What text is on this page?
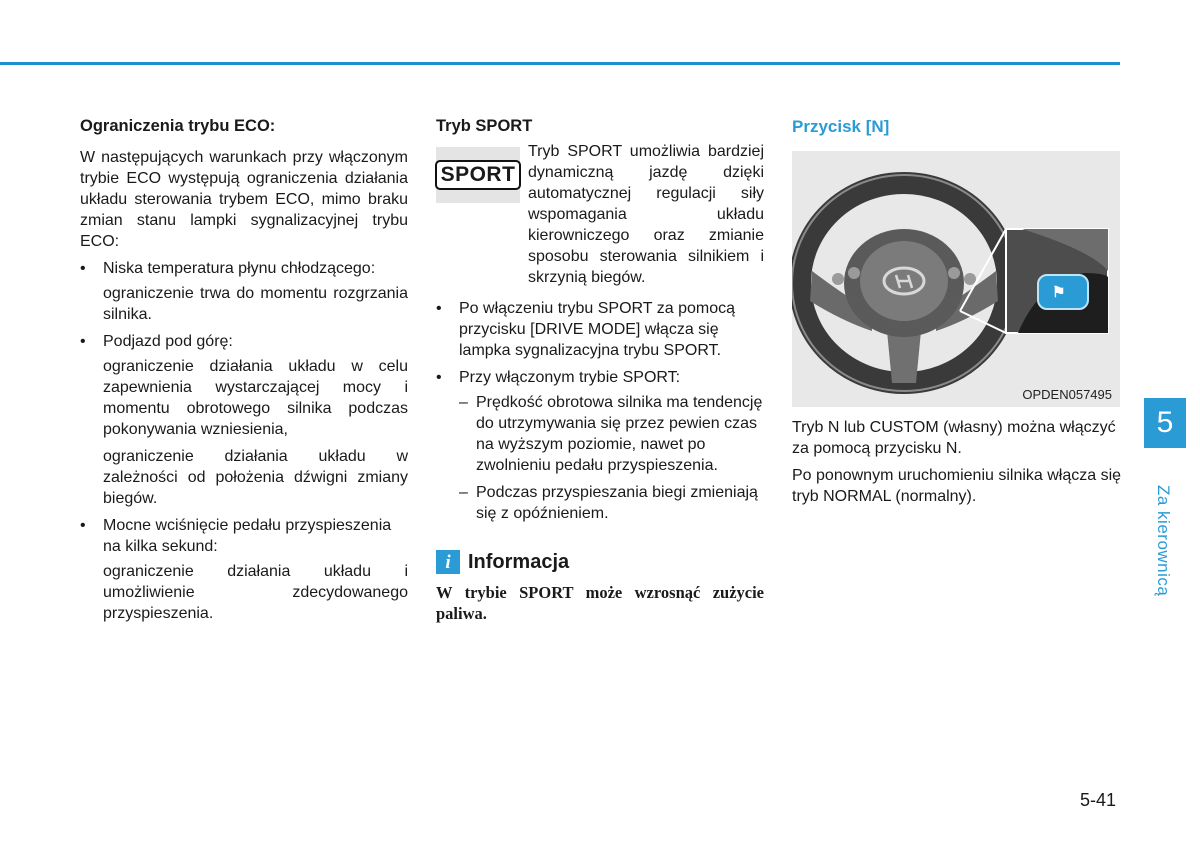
Ograniczenia trybu ECO:

W następujących warunkach przy włączonym trybie ECO występują ograniczenia działania układu sterowania trybem ECO, mimo braku zmian stanu lampki sygnalizacyjnej trybu ECO:

•	Niska temperatura płynu chłodzącego:

ograniczenie trwa do momentu rozgrzania silnika.

•	Podjazd pod górę:

ograniczenie działania układu w celu zapewnienia wystarczającej mocy i momentu obrotowego silnika podczas pokonywania wzniesienia,

ograniczenie działania układu w zależności od położenia dźwigni zmiany biegów.

•	Mocne wciśnięcie pedału przyspieszenia na kilka sekund:

ograniczenie działania układu i umożliwienie zdecydowanego przyspieszenia.

Tryb SPORT
SPORT

Tryb SPORT umożliwia bardziej dynamiczną jazdę dzięki automatycznej regulacji siły wspomagania układu kierowniczego oraz zmianie sposobu sterowania silnikiem i skrzynią biegów.

•	Po włączeniu trybu SPORT za pomocą przycisku [DRIVE MODE] włącza się lampka sygnalizacyjna trybu SPORT.
•	Przy włączonym trybie SPORT:
– Prędkość obrotowa silnika ma tendencję do utrzymywania się przez pewien czas na wyższym poziomie, nawet po zwolnieniu pedału przyspieszenia.
– Podczas przyspieszania biegi zmieniają się z opóźnieniem.
i Informacja
W trybie SPORT może wzrosnąć zużycie paliwa.
Przycisk [N]
⚑
OPDEN057495

Tryb N lub CUSTOM (własny) można włączyć za pomocą przycisku N.

Po ponownym uruchomieniu silnika włącza się tryb NORMAL (normalny).

5
Za kierownicą
5-41
